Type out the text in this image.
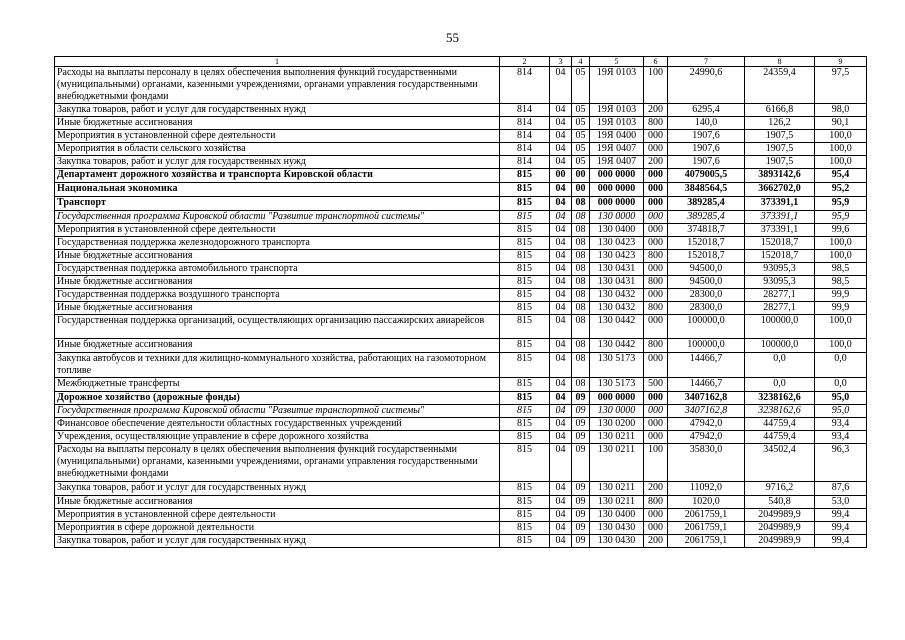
55
1	2	3	4	5	6	7	8	9
Расходы на выплаты персоналу в целях обеспечения выполнения функций государственными (муниципальными) органами, казенными учреждениями, органами управления государственными внебюджетными фондами	814	04	05	19Я 0103	100	24990,6	24359,4	97,5
Закупка товаров, работ и услуг для государственных нужд	814	04	05	19Я 0103	200	6295,4	6166,8	98,0
Иные бюджетные ассигнования	814	04	05	19Я 0103	800	140,0	126,2	90,1
Мероприятия в установленной сфере деятельности	814	04	05	19Я 0400	000	1907,6	1907,5	100,0
Мероприятия в области сельского хозяйства	814	04	05	19Я 0407	000	1907,6	1907,5	100,0
Закупка товаров, работ и услуг для государственных нужд	814	04	05	19Я 0407	200	1907,6	1907,5	100,0
Департамент дорожного хозяйства и транспорта Кировской области	815	00	00	000 0000	000	4079005,5	3893142,6	95,4
Национальная экономика	815	04	00	000 0000	000	3848564,5	3662702,0	95,2
Транспорт	815	04	08	000 0000	000	389285,4	373391,1	95,9
Государственная программа Кировской области "Развитие транспортной системы"	815	04	08	130 0000	000	389285,4	373391,1	95,9
Мероприятия в установленной сфере деятельности	815	04	08	130 0400	000	374818,7	373391,1	99,6
Государственная поддержка железнодорожного транспорта	815	04	08	130 0423	000	152018,7	152018,7	100,0
Иные бюджетные ассигнования	815	04	08	130 0423	800	152018,7	152018,7	100,0
Государственная поддержка автомобильного транспорта	815	04	08	130 0431	000	94500,0	93095,3	98,5
Иные бюджетные ассигнования	815	04	08	130 0431	800	94500,0	93095,3	98,5
Государственная поддержка воздушного транспорта	815	04	08	130 0432	000	28300,0	28277,1	99,9
Иные бюджетные ассигнования	815	04	08	130 0432	800	28300,0	28277,1	99,9
Государственная поддержка организаций, осуществляющих организацию пассажирских авиарейсов	815	04	08	130 0442	000	100000,0	100000,0	100,0
Иные бюджетные ассигнования	815	04	08	130 0442	800	100000,0	100000,0	100,0
Закупка автобусов и техники для жилищно-коммунального хозяйства, работающих на газомоторном топливе	815	04	08	130 5173	000	14466,7	0,0	0,0
Межбюджетные трансферты	815	04	08	130 5173	500	14466,7	0,0	0,0
Дорожное хозяйство (дорожные фонды)	815	04	09	000 0000	000	3407162,8	3238162,6	95,0
Государственная программа Кировской области "Развитие транспортной системы"	815	04	09	130 0000	000	3407162,8	3238162,6	95,0
Финансовое обеспечение деятельности областных государственных учреждений	815	04	09	130 0200	000	47942,0	44759,4	93,4
Учреждения, осуществляющие управление в сфере дорожного хозяйства	815	04	09	130 0211	000	47942,0	44759,4	93,4
Расходы на выплаты персоналу в целях обеспечения выполнения функций государственными (муниципальными) органами, казенными учреждениями, органами управления государственными внебюджетными фондами	815	04	09	130 0211	100	35830,0	34502,4	96,3
Закупка товаров, работ и услуг для государственных нужд	815	04	09	130 0211	200	11092,0	9716,2	87,6
Иные бюджетные ассигнования	815	04	09	130 0211	800	1020,0	540,8	53,0
Мероприятия в установленной сфере деятельности	815	04	09	130 0400	000	2061759,1	2049989,9	99,4
Мероприятия в сфере дорожной деятельности	815	04	09	130 0430	000	2061759,1	2049989,9	99,4
Закупка товаров, работ и услуг для государственных нужд	815	04	09	130 0430	200	2061759,1	2049989,9	99,4
